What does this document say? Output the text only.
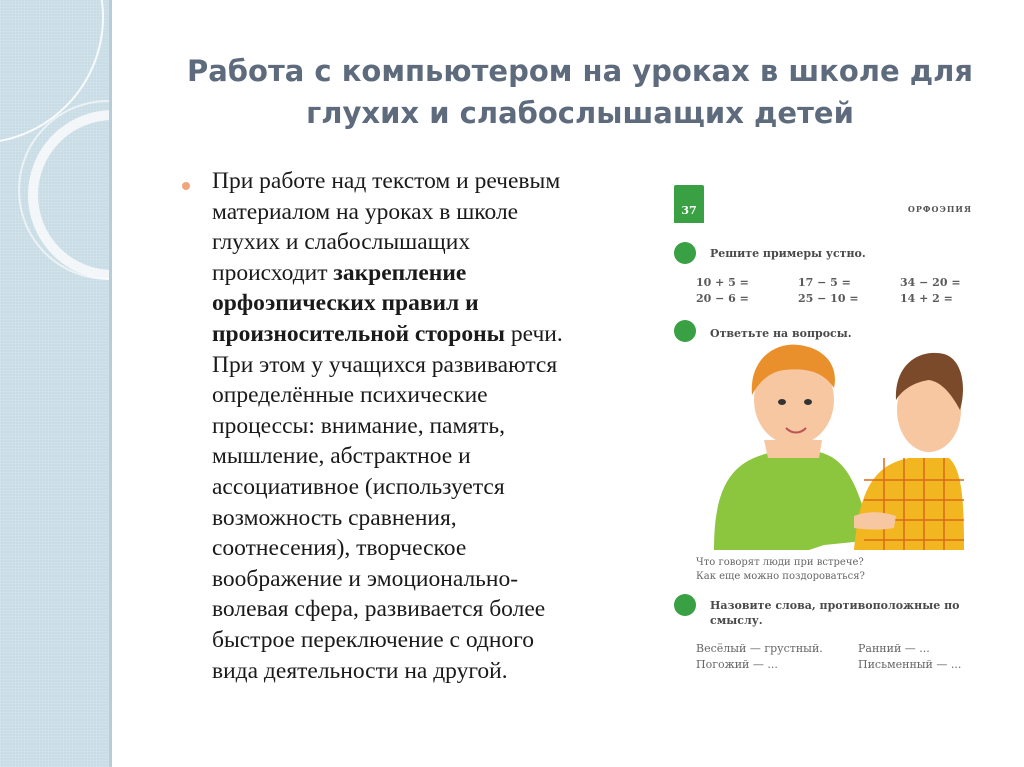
Работа с компьютером на уроках в школе для
глухих и слабослышащих детей

При работе над текстом и речевым
материалом на уроках в школе
глухих и слабослышащих
происходит закрепление
орфоэпических правил и
произносительной стороны речи.
При этом у учащихся развиваются
определённые психические
процессы: внимание, память,
мышление, абстрактное и
ассоциативное (используется
возможность сравнения,
соотнесения), творческое
воображение и эмоционально-
волевая сфера, развивается более
быстрое переключение с одного
вида деятельности на другой.

37	ОРФОЭПИЯ
Решите примеры устно.
10 + 5 =	17 − 5 =	34 − 20 =
20 − 6 =	25 − 10 =	14 + 2 =
Ответьте на вопросы.
Что говорят люди при встрече?
Как еще можно поздороваться?
Назовите слова, противоположные по
смыслу.
Весёлый — грустный.	Ранний — ...
Погожий — ...	Письменный — ...
